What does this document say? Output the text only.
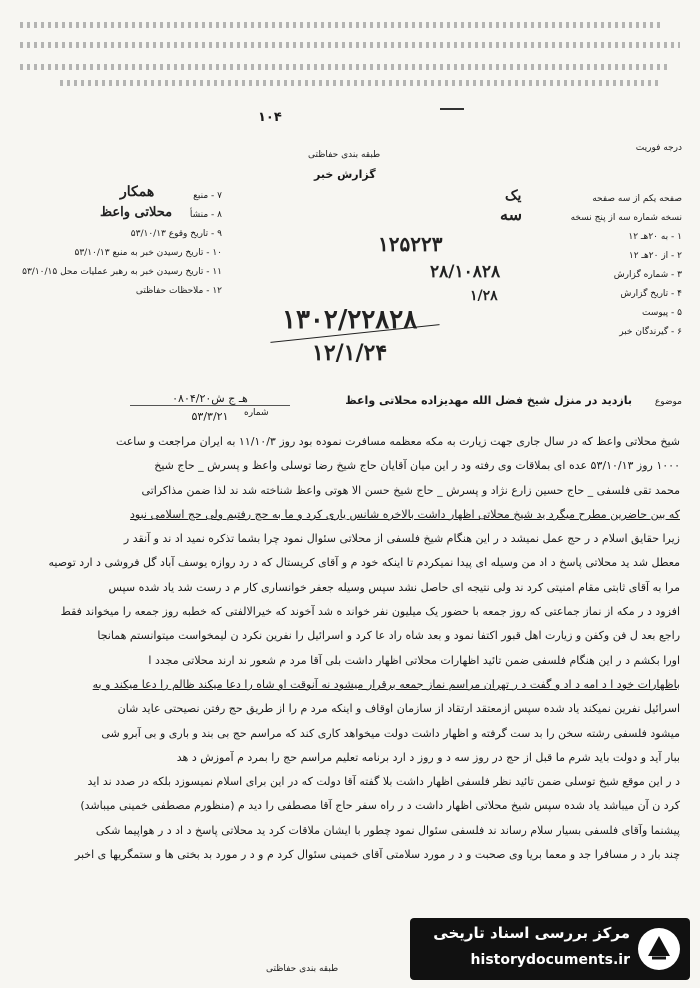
۱۰۴
درجه فوریت
طبقه بندی حفاظتی
گزارش خبر
صفحه یکم از سه صفحه
نسخه شماره سه از پنج نسخه
۱ - به ۲۰هـ ۱۲
۲ - از ۲۰هـ ۱۲
۳ - شماره گزارش
۴ - تاریخ گزارش
۵ - پیوست
۶ - گیرندگان خبر
یک
سه
۱۲۵۲۲۳
۲۸/۱۰۸۲۸
۱/۲۸
۷ - منبع
۸ - منشأ
۹ - تاریخ وقوع ۵۳/۱۰/۱۳
۱۰ - تاریخ رسیدن خبر به منبع ۵۳/۱۰/۱۳
۱۱ - تاریخ رسیدن خبر به رهبر عملیات محل ۵۳/۱۰/۱۵
۱۲ - ملاحظات حفاظتی
همکار
محلاتی واعظ
۱۳۰۲/۲۲۸۲۸
۱۲/۱/۲۴
۰۸۰۴/۲۰هـ ج ش
۵۳/۳/۲۱	شماره
موضوع
بازدید در منزل شیخ فضل الله مهدیزاده محلاتی واعظ
شیخ محلاتی واعظ که در سال جاری جهت زیارت به مکه معظمه مسافرت نموده بود روز ۱۱/۱۰/۳ به ایران مراجعت و ساعت
۱۰۰۰ روز ۵۳/۱۰/۱۳ عده ای بملاقات وی رفته ود ر این میان آقایان حاج شیخ رضا توسلی واعظ و پسرش _ حاج شیخ
محمد تقی فلسفی _ حاج حسین زارع نژاد و پسرش _ حاج شیخ حسن الا هوتی واعظ شناخته شد ند لذا ضمن مذاکراتی
که بین حاضرین مطرح میگرد ید شیخ محلاتی اظهار داشت بالاخره شانس یاری کرد و ما به حج رفتیم ولی حج اسلامی نبود
زیرا حقایق اسلام د ر حج عمل نمیشد د ر این هنگام شیخ فلسفی از محلاتی سئوال نمود چرا بشما تذکره نمید اد ند و آنقد ر
معطل شد ید محلاتی پاسخ د اد من وسیله ای پیدا نمیکردم تا اینکه خود م و آقای کریستال که د رد روازه یوسف آباد گل فروشی د ارد توصیه
مرا به آقای ثابتی مقام امنیتی کرد ند ولی نتیجه ای حاصل نشد سپس وسیله جعفر خوانساری کار م د رست شد یاد شده سپس
افزود د ر مکه از نماز جماعتی که روز جمعه با حضور یک میلیون نفر خواند ه شد آخوند که خیرالالفتی که خطبه روز جمعه را میخواند فقط
راجع بعد ل فن وکفن و زیارت اهل قبور اکتفا نمود و بعد شاه راد عا کرد و اسرائیل را نفرین نکرد ن لیمخواست میتوانستم همانجا
اورا بکشم د ر این هنگام فلسفی ضمن تائید اظهارات محلاتی اظهار داشت بلی آقا مرد م شعور ند ارند محلاتی مجدد ا
باظهارات خود ا د امه د اد و گفت د ر تهران مراسم نماز جمعه برقرار میشود نه آنوقت او شاه را دعا میکند ظالم را دعا میکند و به
اسرائیل نفرین نمیکند یاد شده سپس ازمعتقد ارتقاد از سازمان اوقاف و اینکه مرد م را از طریق حج رفتن نصیحتی عاید شان
میشود فلسفی رشته سخن را بد ست گرفته و اظهار داشت دولت میخواهد کاری کند که مراسم حج بی بند و باری و بی آبرو شی
ببار آید و دولت باید شرم ما قبل از حج در روز سه د و روز د ارد برنامه تعلیم مراسم حج را بمرد م آموزش د هد
د ر این موقع شیخ توسلی ضمن تائید نظر فلسفی اظهار داشت بلا گفته آقا دولت که در این برای اسلام نمیسوزد بلکه در صدد ند اید
کرد ن آن میباشد یاد شده سپس شیخ محلاتی اظهار داشت د ر راه سفر حاج آقا مصطفی را دید م (منظورم مصطفی خمینی میباشد)
پیشنما وآقای فلسفی بسیار سلام رساند ند فلسفی سئوال نمود چطور با ایشان ملاقات کرد ید محلاتی پاسخ د اد د ر هواپیما شکی
چند بار د ر مسافرا جد و معما بریا وی صحبت و د ر مورد سلامتی آقای خمینی سئوال کرد م و د ر مورد بد بختی ها و ستمگریها ی اخبر
طبقه بندی حفاظتی
مرکز بررسی اسناد تاریخی
historydocuments.ir
